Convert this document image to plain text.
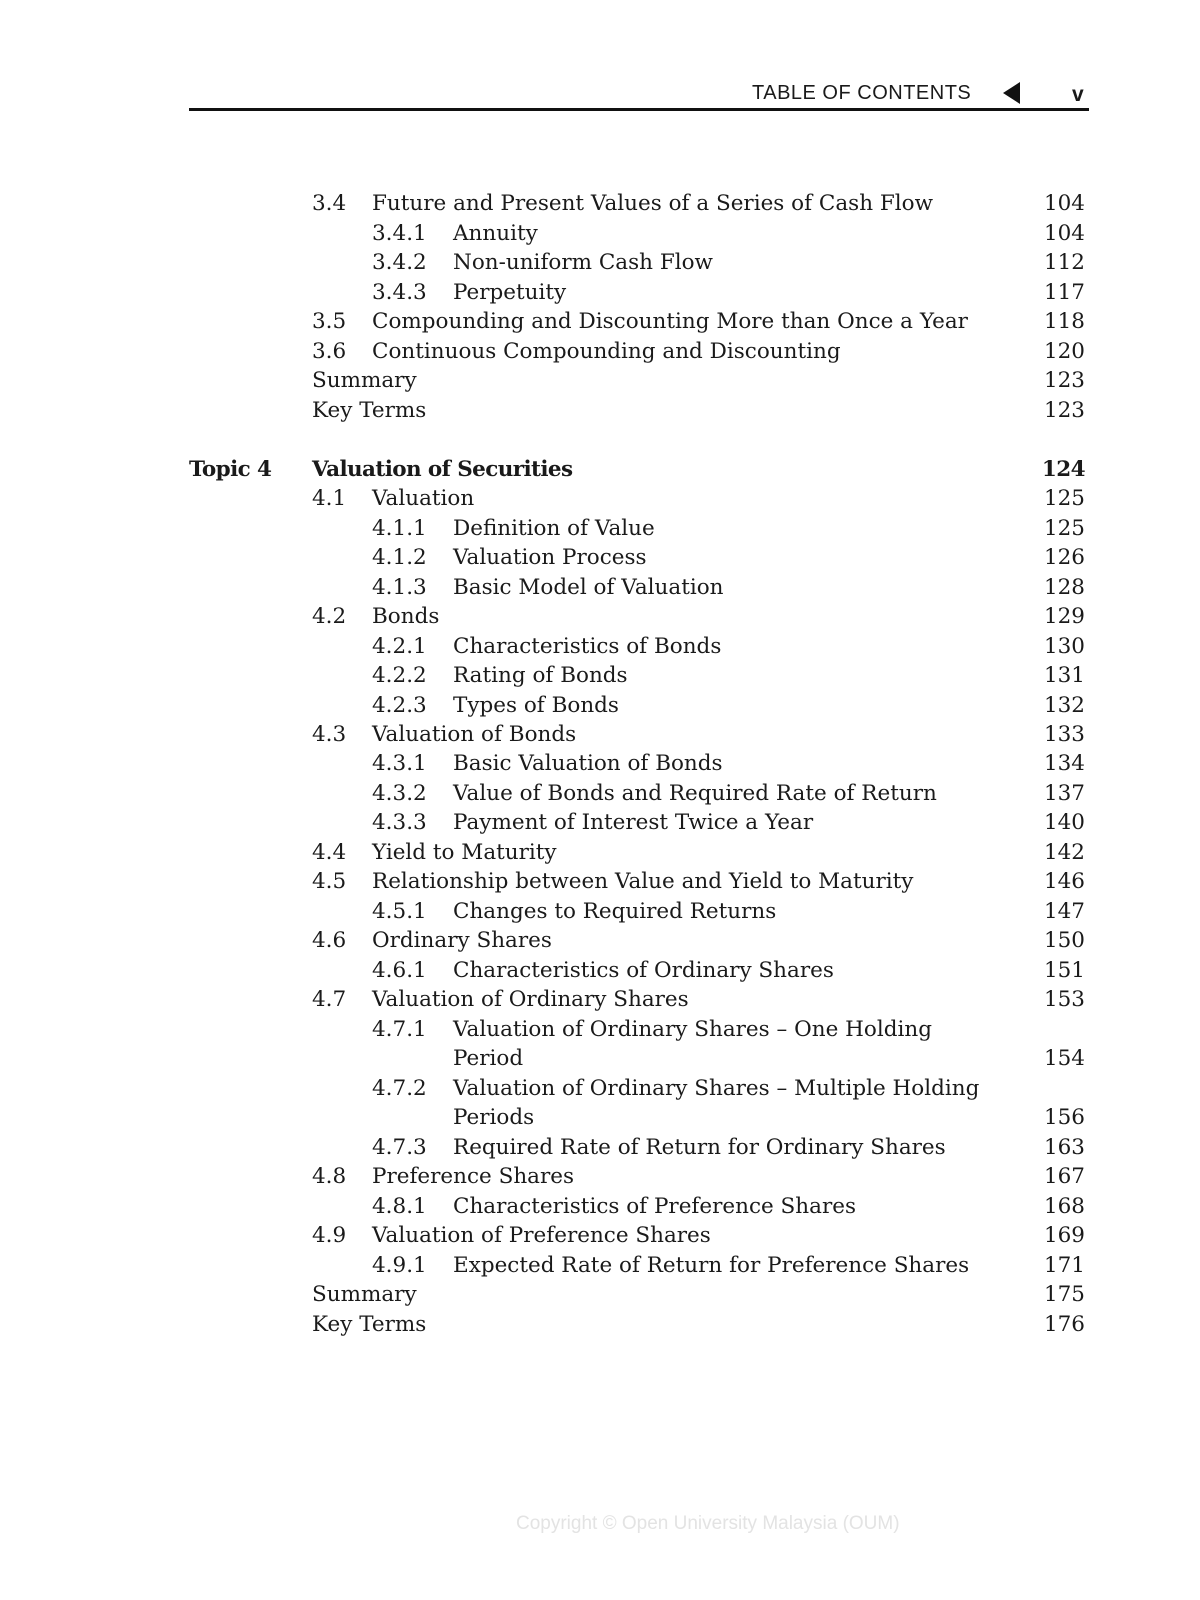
TABLE OF CONTENTS	v
3.4 Future and Present Values of a Series of Cash Flow	104
3.4.1 Annuity	104
3.4.2 Non-uniform Cash Flow	112
3.4.3 Perpetuity	117
3.5 Compounding and Discounting More than Once a Year	118
3.6 Continuous Compounding and Discounting	120
Summary	123
Key Terms	123
Topic 4 Valuation of Securities	124
4.1 Valuation	125
4.1.1 Definition of Value	125
4.1.2 Valuation Process	126
4.1.3 Basic Model of Valuation	128
4.2 Bonds	129
4.2.1 Characteristics of Bonds	130
4.2.2 Rating of Bonds	131
4.2.3 Types of Bonds	132
4.3 Valuation of Bonds	133
4.3.1 Basic Valuation of Bonds	134
4.3.2 Value of Bonds and Required Rate of Return	137
4.3.3 Payment of Interest Twice a Year	140
4.4 Yield to Maturity	142
4.5 Relationship between Value and Yield to Maturity	146
4.5.1 Changes to Required Returns	147
4.6 Ordinary Shares	150
4.6.1 Characteristics of Ordinary Shares	151
4.7 Valuation of Ordinary Shares	153
4.7.1 Valuation of Ordinary Shares – One Holding
Period	154
4.7.2 Valuation of Ordinary Shares – Multiple Holding
Periods	156
4.7.3 Required Rate of Return for Ordinary Shares	163
4.8 Preference Shares	167
4.8.1 Characteristics of Preference Shares	168
4.9 Valuation of Preference Shares	169
4.9.1 Expected Rate of Return for Preference Shares	171
Summary	175
Key Terms	176
Copyright © Open University Malaysia (OUM)
